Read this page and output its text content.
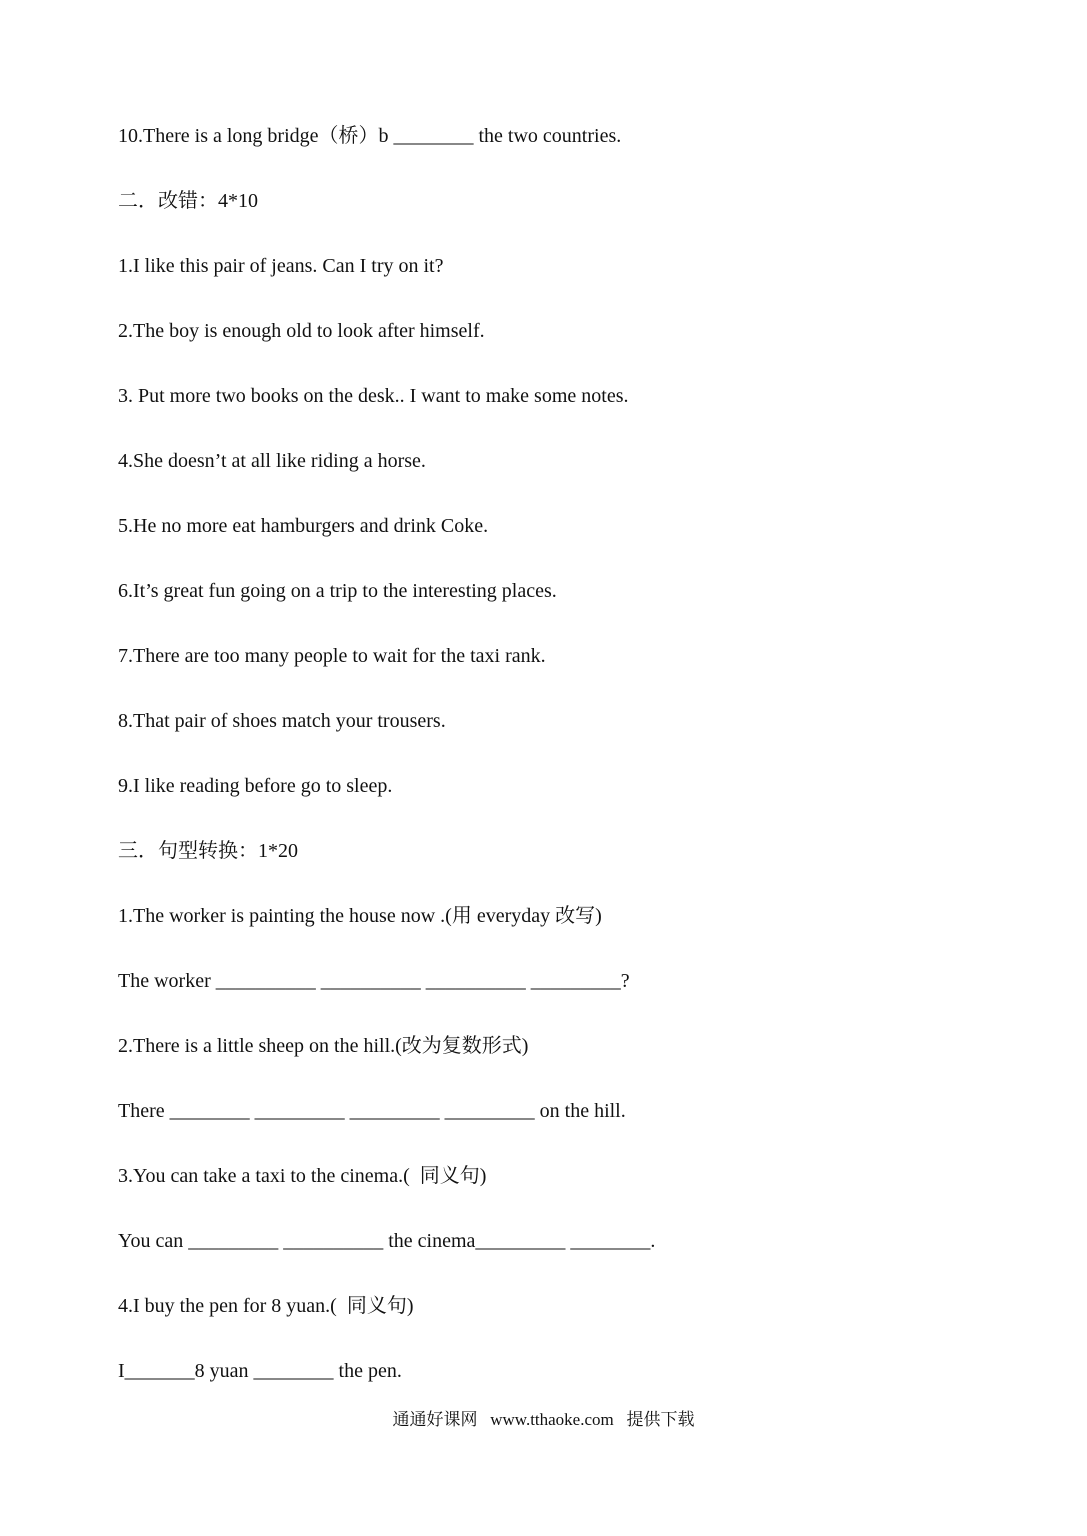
10.There is a long bridge（桥）b ________ the two countries.
二．改错：4*10
1.I like this pair of jeans. Can I try on it?
2.The boy is enough old to look after himself.
3. Put more two books on the desk.. I want to make some notes.
4.She doesn’t at all like riding a horse.
5.He no more eat hamburgers and drink Coke.
6.It’s great fun going on a trip to the interesting places.
7.There are too many people to wait for the taxi rank.
8.That pair of shoes match your trousers.
9.I like reading before go to sleep.
三．句型转换：1*20
1.The worker is painting the house now .(用 everyday 改写)
The worker __________ __________ __________ _________?
2.There is a little sheep on the hill.(改为复数形式)
There ________ _________ _________ _________ on the hill.
3.You can take a taxi to the cinema.(  同义句)
You can _________ __________ the cinema_________ ________.
4.I buy the pen for 8 yuan.(  同义句)
I_______8 yuan ________ the pen.
通通好课网   www.tthaoke.com   提供下载
